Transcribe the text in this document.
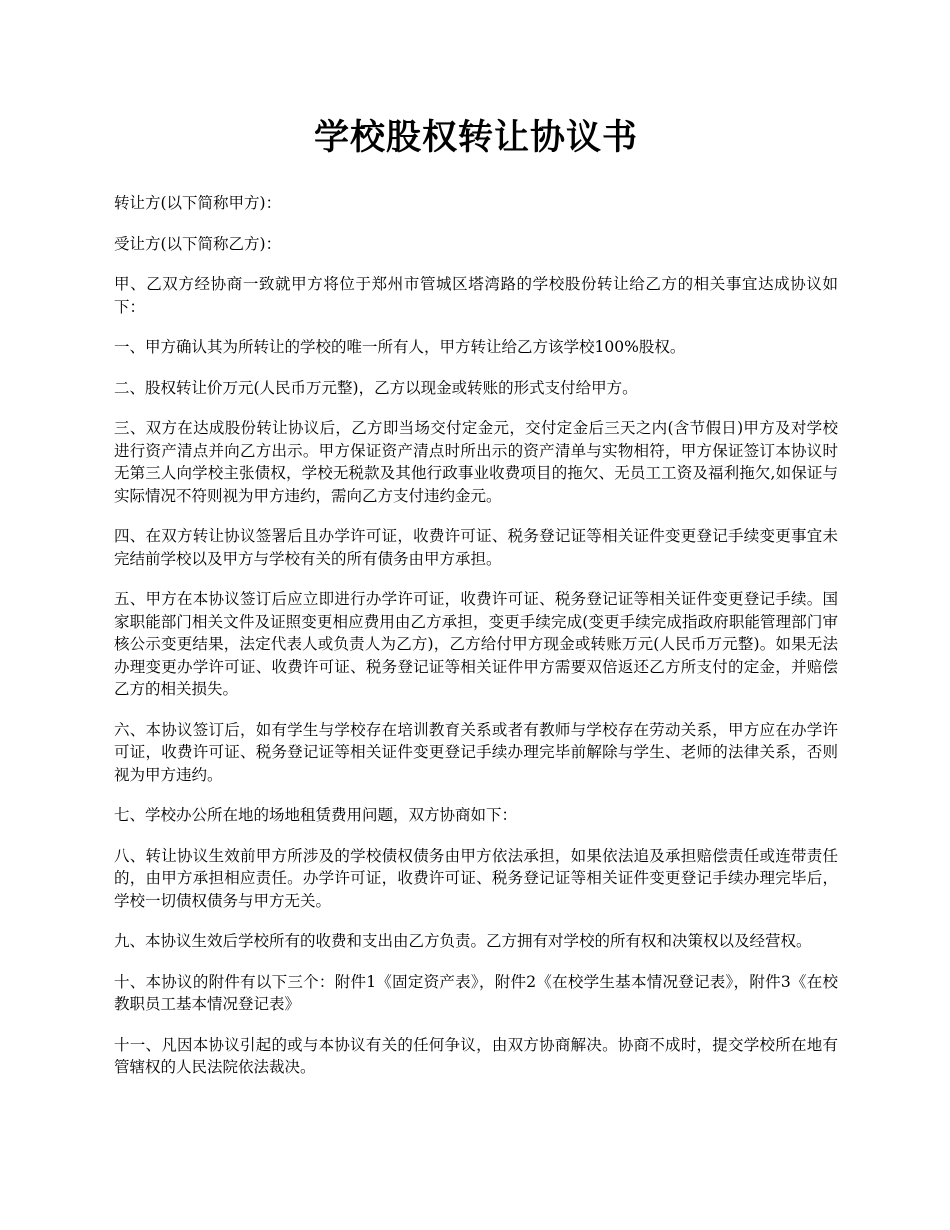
学校股权转让协议书

转让方(以下简称甲方)：

受让方(以下简称乙方)：

甲、乙双方经协商一致就甲方将位于郑州市管城区塔湾路的学校股份转让给乙方的相关事宜达成协议如下：

一、甲方确认其为所转让的学校的唯一所有人，甲方转让给乙方该学校100%股权。

二、股权转让价万元(人民币万元整)，乙方以现金或转账的形式支付给甲方。

三、双方在达成股份转让协议后，乙方即当场交付定金元，交付定金后三天之内(含节假日)甲方及对学校进行资产清点并向乙方出示。甲方保证资产清点时所出示的资产清单与实物相符，甲方保证签订本协议时无第三人向学校主张债权，学校无税款及其他行政事业收费项目的拖欠、无员工工资及福利拖欠,如保证与实际情况不符则视为甲方违约，需向乙方支付违约金元。

四、在双方转让协议签署后且办学许可证，收费许可证、税务登记证等相关证件变更登记手续变更事宜未完结前学校以及甲方与学校有关的所有债务由甲方承担。

五、甲方在本协议签订后应立即进行办学许可证，收费许可证、税务登记证等相关证件变更登记手续。国家职能部门相关文件及证照变更相应费用由乙方承担，变更手续完成(变更手续完成指政府职能管理部门审核公示变更结果，法定代表人或负责人为乙方)，乙方给付甲方现金或转账万元(人民币万元整)。如果无法办理变更办学许可证、收费许可证、税务登记证等相关证件甲方需要双倍返还乙方所支付的定金，并赔偿乙方的相关损失。

六、本协议签订后，如有学生与学校存在培训教育关系或者有教师与学校存在劳动关系，甲方应在办学许可证，收费许可证、税务登记证等相关证件变更登记手续办理完毕前解除与学生、老师的法律关系，否则视为甲方违约。

七、学校办公所在地的场地租赁费用问题，双方协商如下：

八、转让协议生效前甲方所涉及的学校债权债务由甲方依法承担，如果依法追及承担赔偿责任或连带责任的，由甲方承担相应责任。办学许可证，收费许可证、税务登记证等相关证件变更登记手续办理完毕后，学校一切债权债务与甲方无关。

九、本协议生效后学校所有的收费和支出由乙方负责。乙方拥有对学校的所有权和决策权以及经营权。

十、本协议的附件有以下三个：附件1《固定资产表》，附件2《在校学生基本情况登记表》，附件3《在校教职员工基本情况登记表》

十一、凡因本协议引起的或与本协议有关的任何争议，由双方协商解决。协商不成时，提交学校所在地有管辖权的人民法院依法裁决。
